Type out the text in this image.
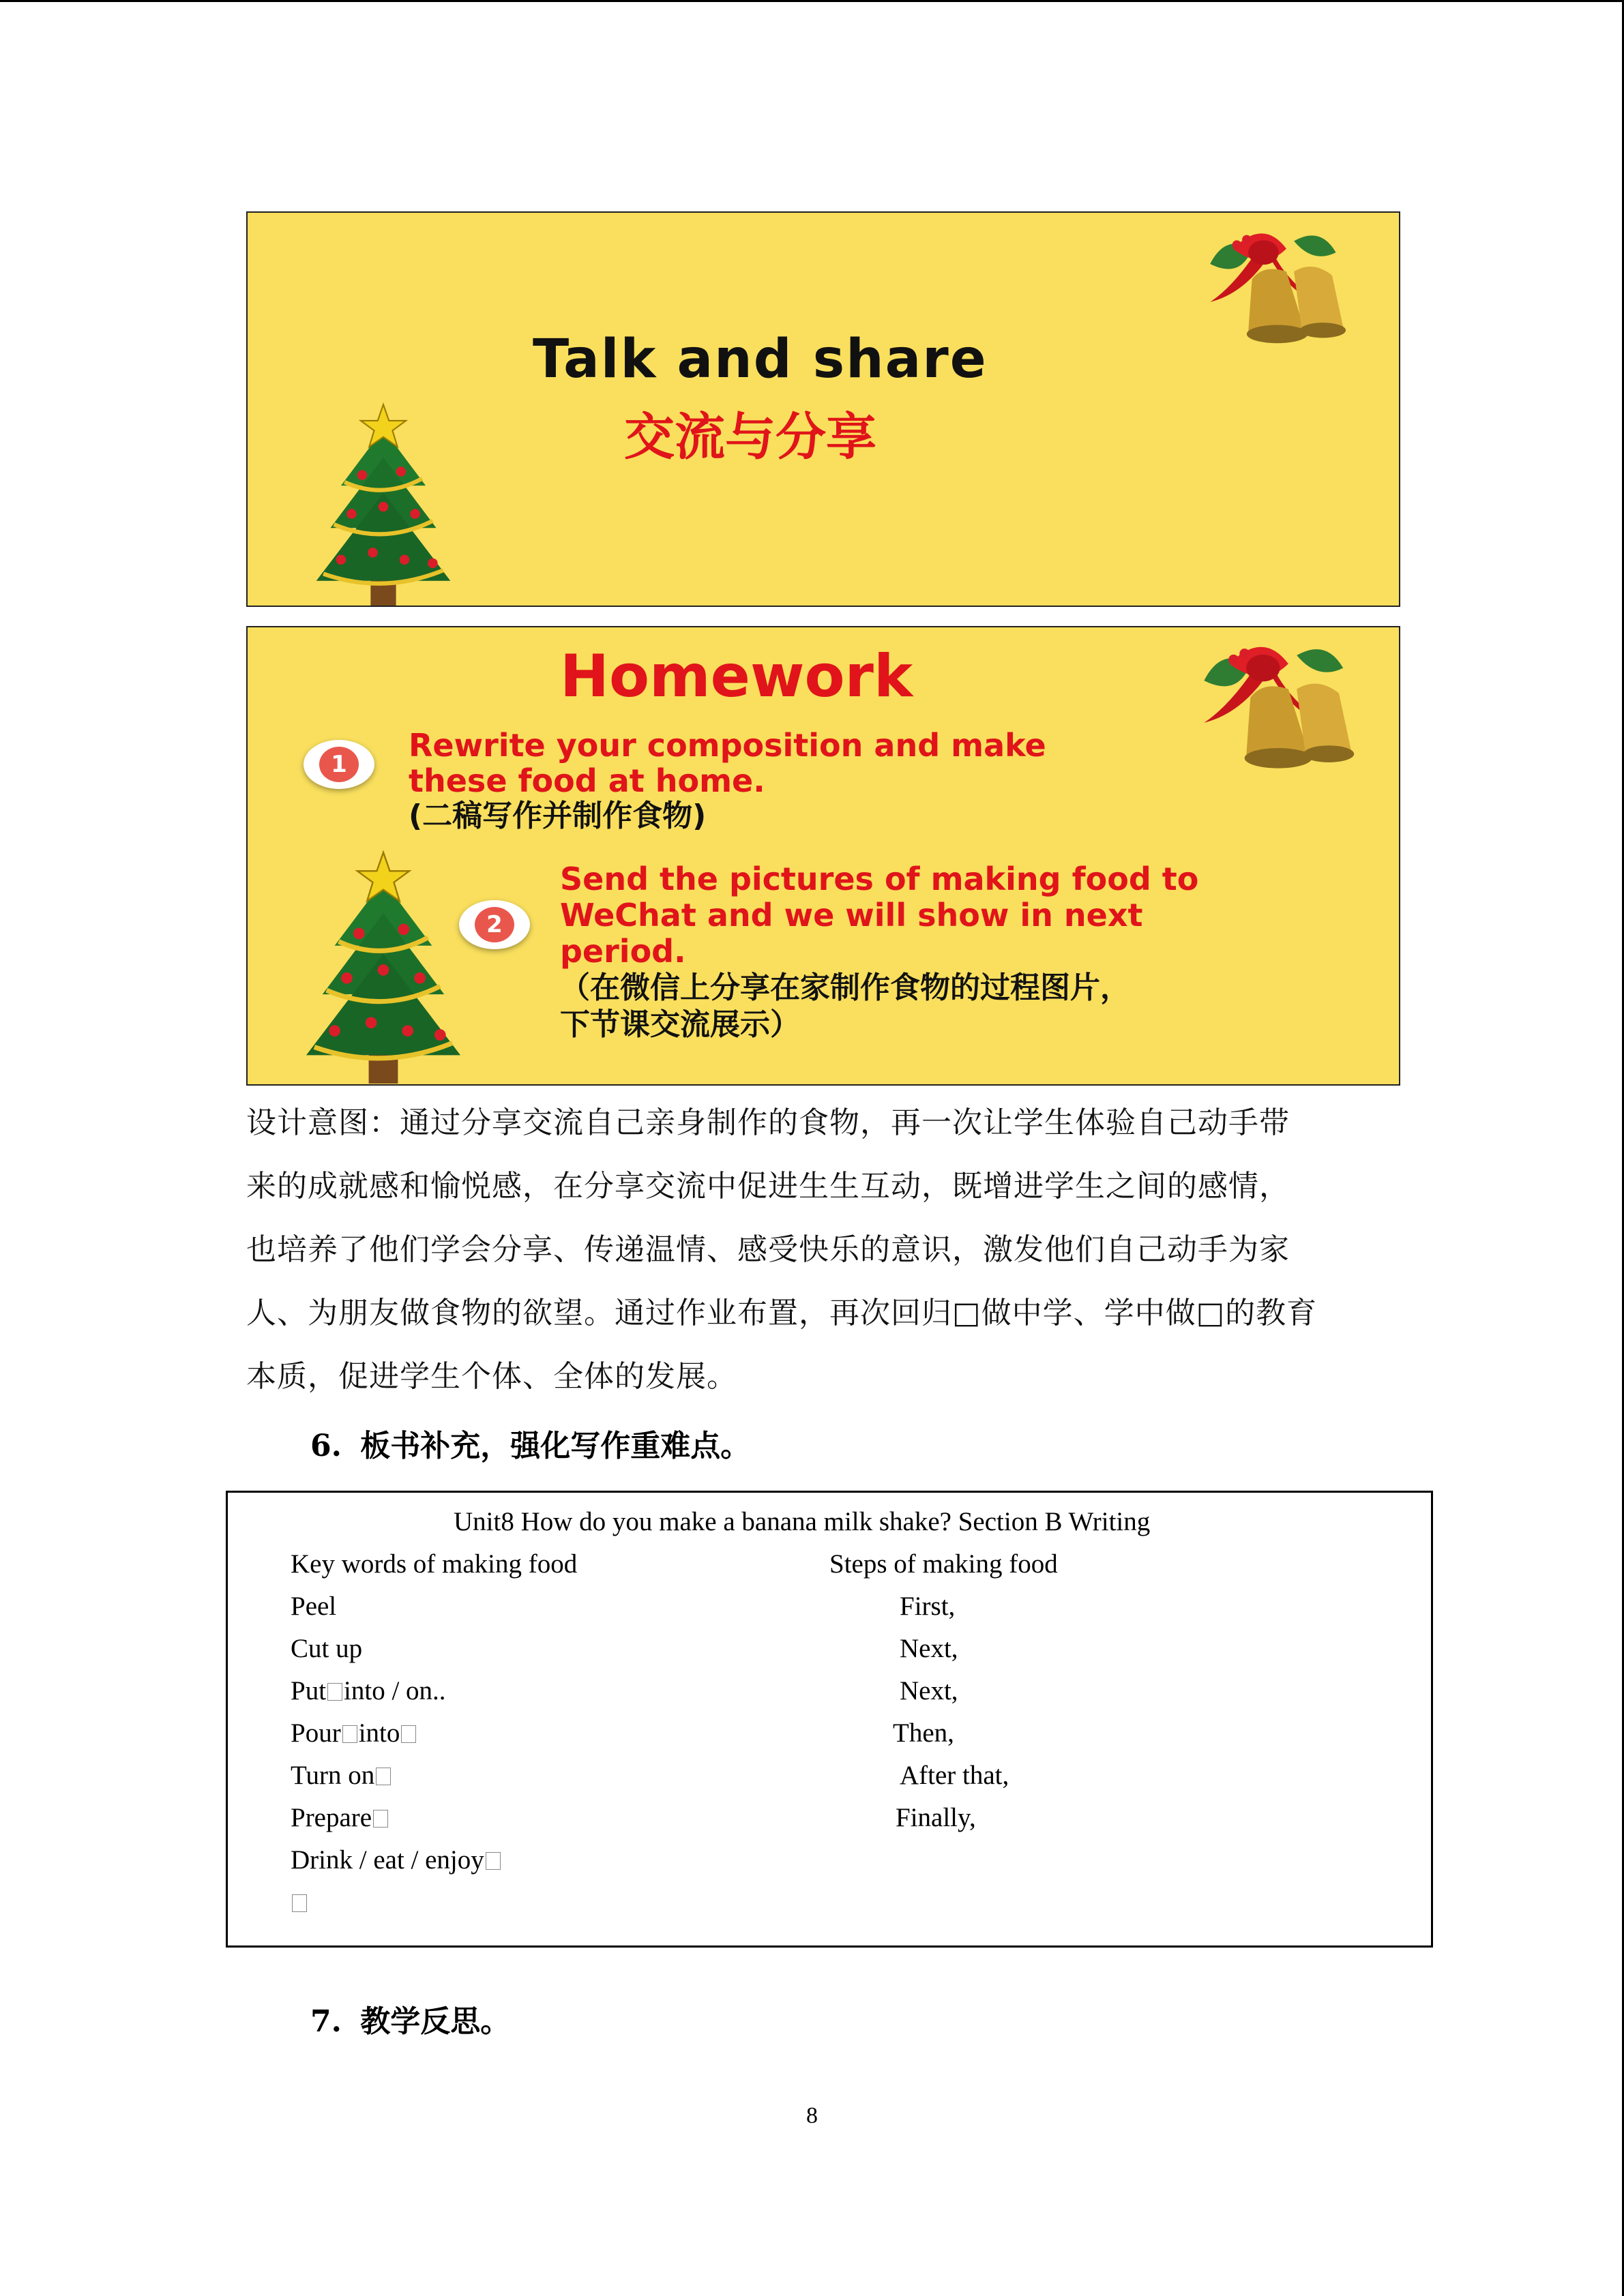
Talk and share
交流与分享
Homework
1
Rewrite your composition and make
these food at home.
(二稿写作并制作食物)
2
Send the pictures of making food to
WeChat and we will show in next
period.
（在微信上分享在家制作食物的过程图片，
下节课交流展示）
设计意图：通过分享交流自己亲身制作的食物，再一次让学生体验自己动手带
来的成就感和愉悦感，在分享交流中促进生生互动，既增进学生之间的感情，
也培养了他们学会分享、传递温情、感受快乐的意识，激发他们自己动手为家
人、为朋友做食物的欲望。通过作业布置，再次回归□做中学、学中做□的教育
本质，促进学生个体、全体的发展。
6. 板书补充，强化写作重难点。
Unit8 How do you make a banana milk shake? Section B Writing
Key words of making food	Steps of making food
Peel
Cut up
Put into / on..
Pour into
Turn on
Prepare
Drink / eat / enjoy
First,
Next,
Next,
Then,
After that,
Finally,
7. 教学反思。
8
